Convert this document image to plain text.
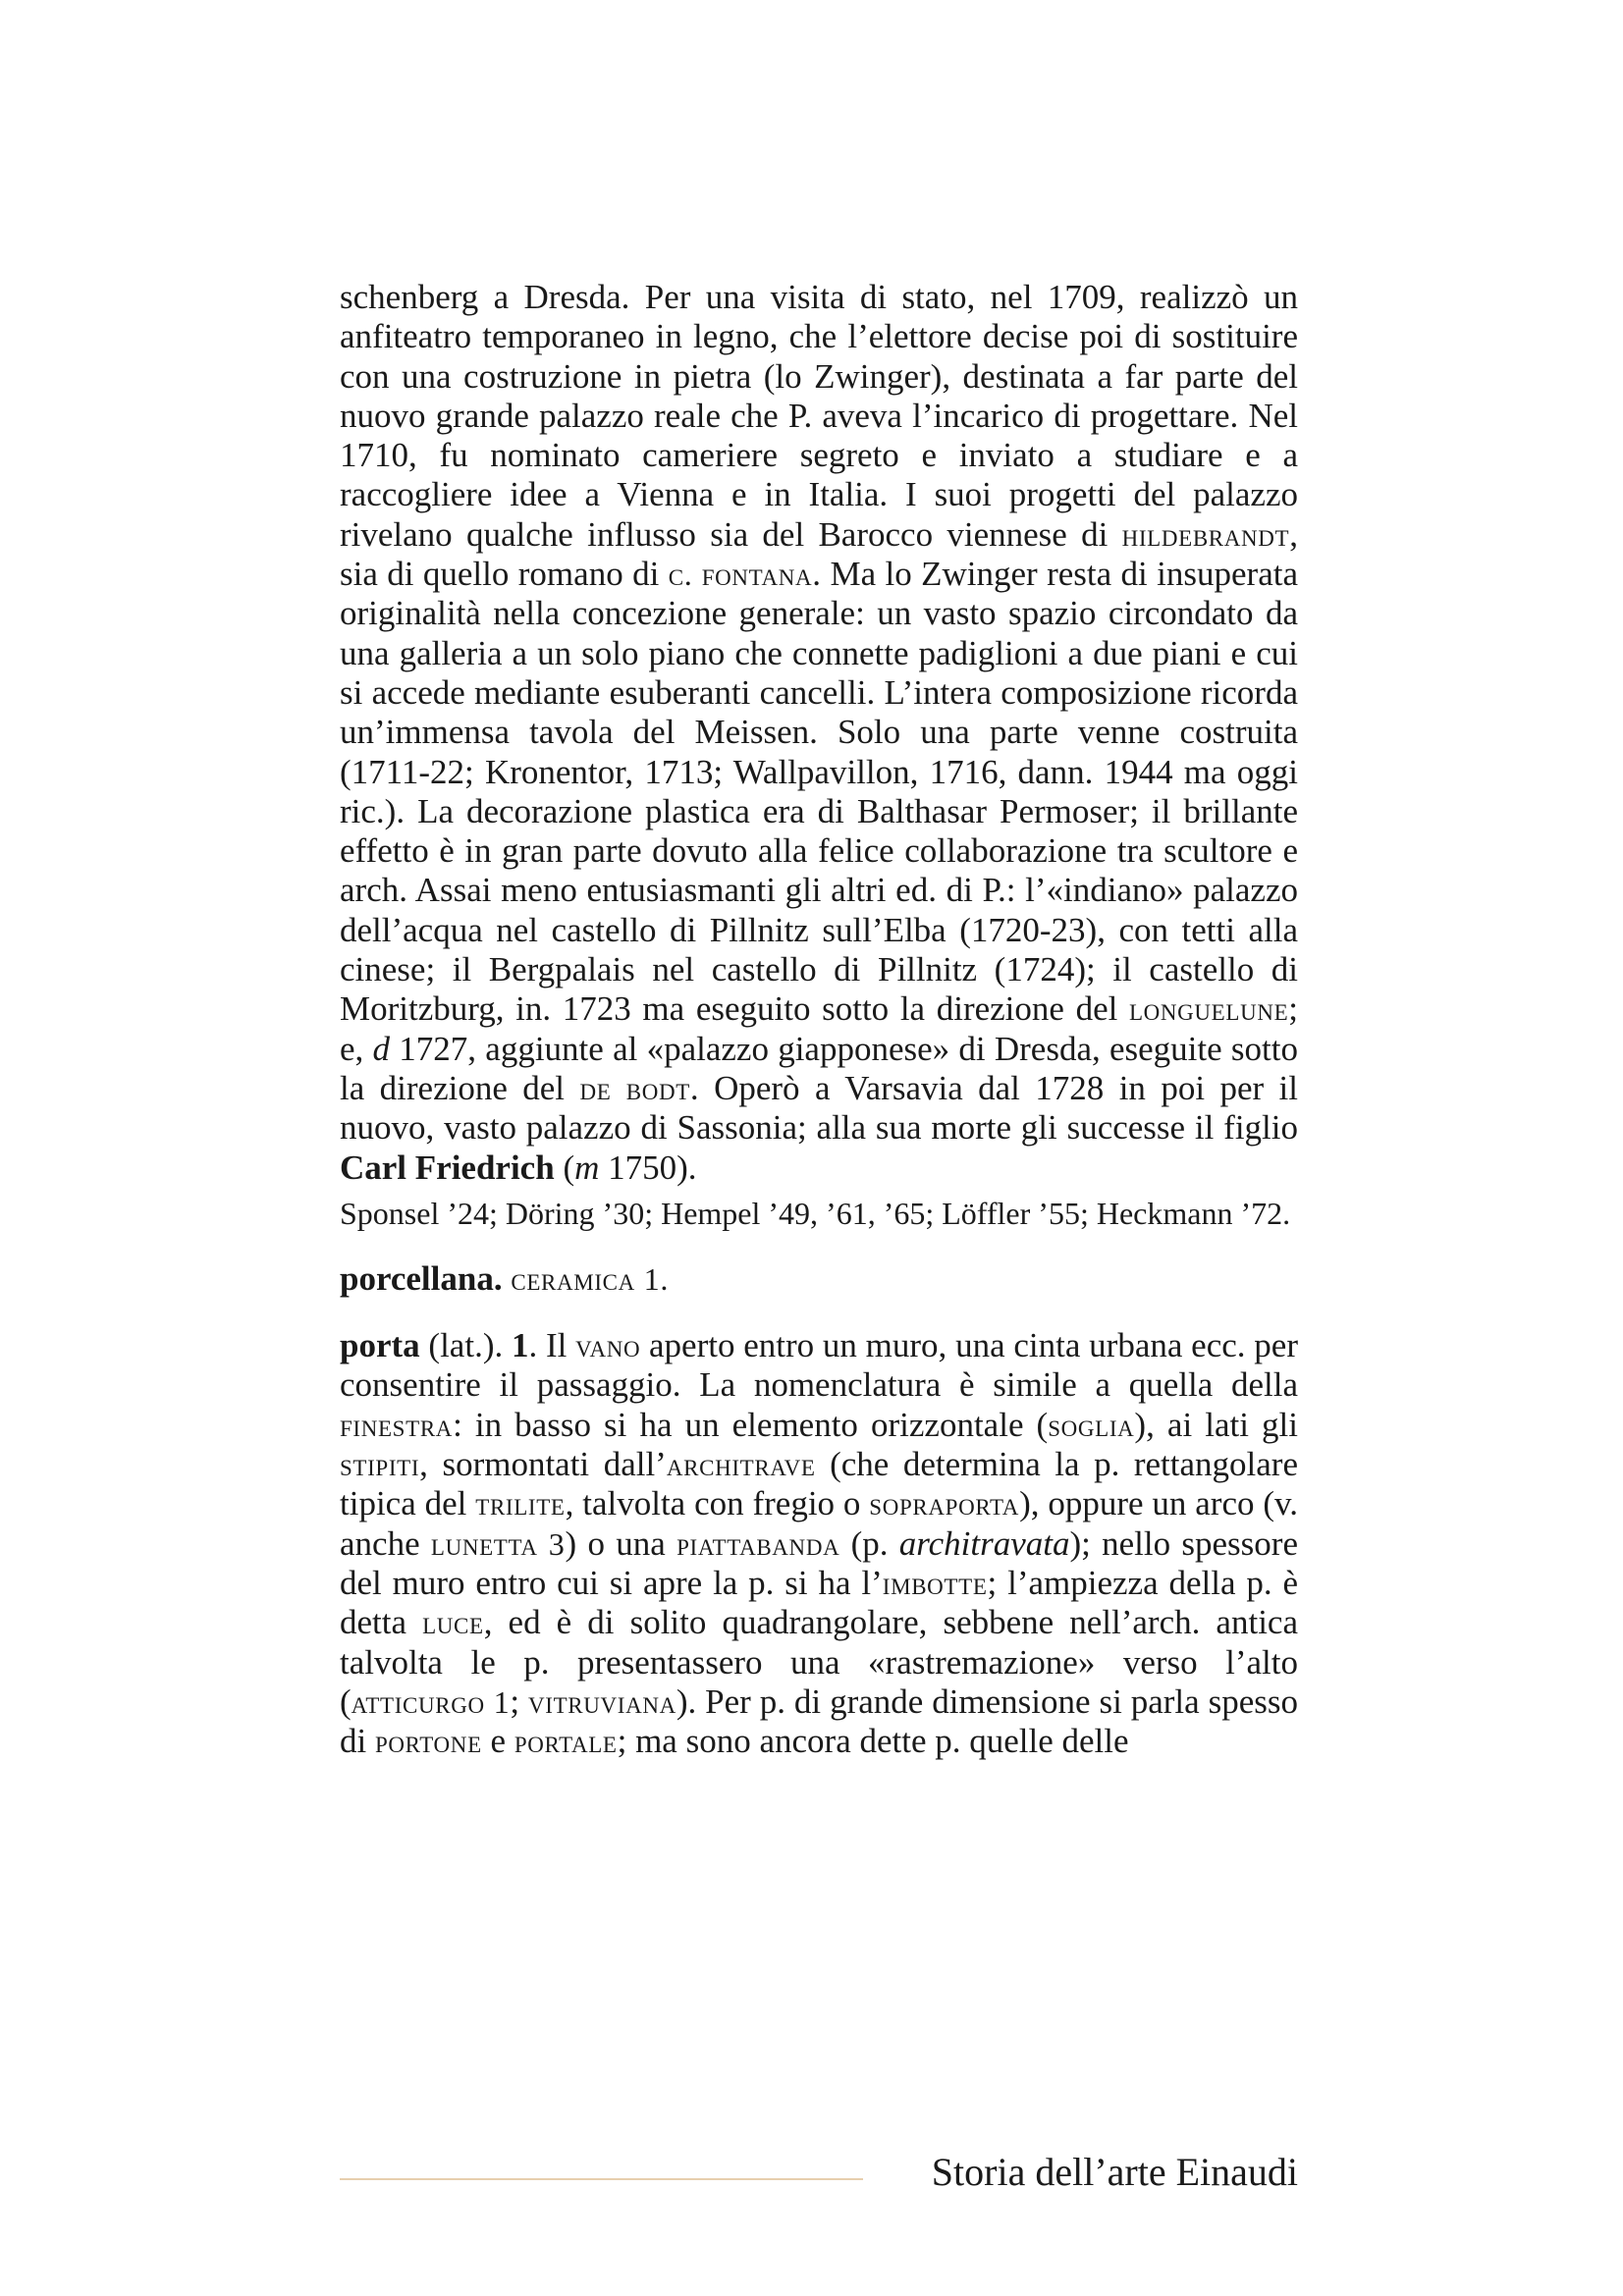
schenberg a Dresda. Per una visita di stato, nel 1709, realizzò un anfiteatro temporaneo in legno, che l’elettore decise poi di sostituire con una costruzione in pietra (lo Zwinger), destinata a far parte del nuovo grande palazzo reale che P. aveva l’incarico di progettare. Nel 1710, fu nominato cameriere segreto e inviato a studiare e a raccogliere idee a Vienna e in Italia. I suoi progetti del palazzo rivelano qualche influsso sia del Barocco viennese di hildebrandt, sia di quello romano di c. fontana. Ma lo Zwinger resta di insuperata originalità nella concezione generale: un vasto spazio circondato da una galleria a un solo piano che connette padiglioni a due piani e cui si accede mediante esuberanti cancelli. L’intera composizione ricorda un’immensa tavola del Meissen. Solo una parte venne costruita (1711-22; Kronentor, 1713; Wallpavillon, 1716, dann. 1944 ma oggi ric.). La decorazione plastica era di Balthasar Permoser; il brillante effetto è in gran parte dovuto alla felice collaborazione tra scultore e arch. Assai meno entusiasmanti gli altri ed. di P.: l’«indiano» palazzo dell’acqua nel castello di Pillnitz sull’Elba (1720-23), con tetti alla cinese; il Bergpalais nel castello di Pillnitz (1724); il castello di Moritzburg, in. 1723 ma eseguito sotto la direzione del longuelune; e, d 1727, aggiunte al «palazzo giapponese» di Dresda, eseguite sotto la direzione del de bodt. Operò a Varsavia dal 1728 in poi per il nuovo, vasto palazzo di Sassonia; alla sua morte gli successe il figlio Carl Friedrich (m 1750).

Sponsel ’24; Döring ’30; Hempel ’49, ’61, ’65; Löffler ’55; Heckmann ’72.

porcellana. ceramica 1.

porta (lat.). 1. Il vano aperto entro un muro, una cinta urbana ecc. per consentire il passaggio. La nomenclatura è simile a quella della finestra: in basso si ha un elemento orizzontale (soglia), ai lati gli stipiti, sormontati dall’architrave (che determina la p. rettangolare tipica del trilite, talvolta con fregio o sopraporta), oppure un arco (v. anche lunetta 3) o una piattabanda (p. architravata); nello spessore del muro entro cui si apre la p. si ha l’imbotte; l’ampiezza della p. è detta luce, ed è di solito quadrangolare, sebbene nell’arch. antica talvolta le p. presentassero una «rastremazione» verso l’alto (atticurgo 1; vitruviana). Per p. di grande dimensione si parla spesso di portone e portale; ma sono ancora dette p. quelle delle

Storia dell’arte Einaudi
